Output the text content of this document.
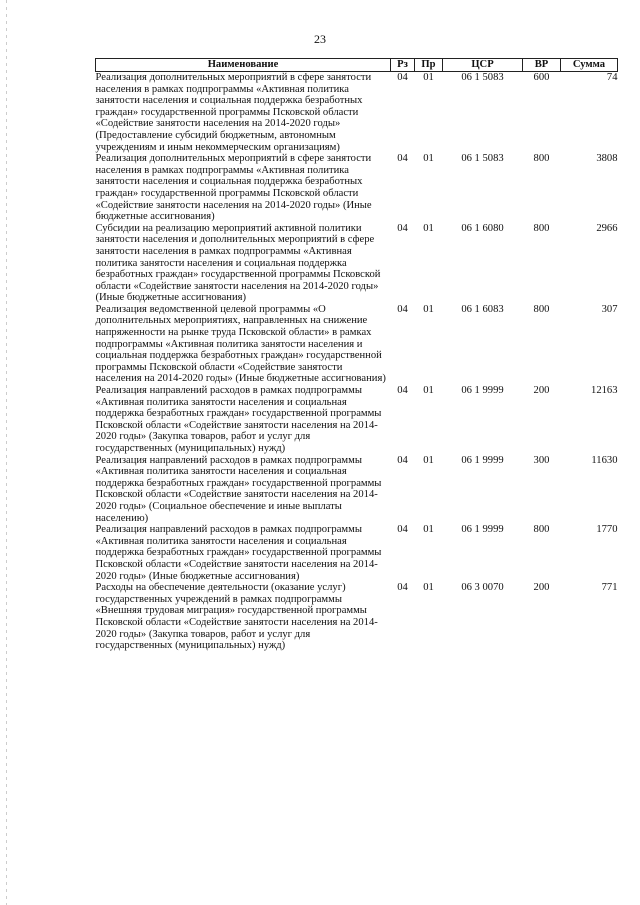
23
Наименование	Рз	Пр	ЦСР	ВР	Сумма
Реализация дополнительных мероприятий в сфере занятости населения в рамках подпрограммы «Активная политика занятости населения и социальная поддержка безработных граждан» государственной программы Псковской области «Содействие занятости населения на 2014-2020 годы» (Предоставление субсидий бюджетным, автономным учреждениям и иным некоммерческим организациям)	04	01	06 1 5083	600	74
Реализация дополнительных мероприятий в сфере занятости населения в рамках подпрограммы «Активная политика занятости населения и социальная поддержка безработных граждан» государственной программы Псковской области «Содействие занятости населения на 2014-2020 годы» (Иные бюджетные ассигнования)	04	01	06 1 5083	800	3808
Субсидии на реализацию мероприятий активной политики занятости населения и дополнительных мероприятий в сфере занятости населения в рамках подпрограммы «Активная политика занятости населения и социальная поддержка безработных граждан» государственной программы Псковской области «Содействие занятости населения на 2014-2020 годы» (Иные бюджетные ассигнования)	04	01	06 1 6080	800	2966
Реализация ведомственной целевой программы «О дополнительных мероприятиях, направленных на снижение напряженности на рынке труда Псковской области» в рамках подпрограммы «Активная политика занятости населения и социальная поддержка безработных граждан» государственной программы Псковской области «Содействие занятости населения на 2014-2020 годы» (Иные бюджетные ассигнования)	04	01	06 1 6083	800	307
Реализация направлений расходов в рамках подпрограммы «Активная политика занятости населения и социальная поддержка безработных граждан» государственной программы Псковской области «Содействие занятости населения на 2014-2020 годы» (Закупка товаров, работ и услуг для государственных (муниципальных) нужд)	04	01	06 1 9999	200	12163
Реализация направлений расходов в рамках подпрограммы «Активная политика занятости населения и социальная поддержка безработных граждан» государственной программы Псковской области «Содействие занятости населения на 2014-2020 годы» (Социальное обеспечение и иные выплаты населению)	04	01	06 1 9999	300	11630
Реализация направлений расходов в рамках подпрограммы «Активная политика занятости населения и социальная поддержка безработных граждан» государственной программы Псковской области «Содействие занятости населения на 2014-2020 годы» (Иные бюджетные ассигнования)	04	01	06 1 9999	800	1770
Расходы на обеспечение деятельности (оказание услуг) государственных учреждений в рамках подпрограммы «Внешняя трудовая миграция» государственной программы Псковской области «Содействие занятости населения на 2014-2020 годы» (Закупка товаров, работ и услуг для государственных (муниципальных) нужд)	04	01	06 3 0070	200	771
